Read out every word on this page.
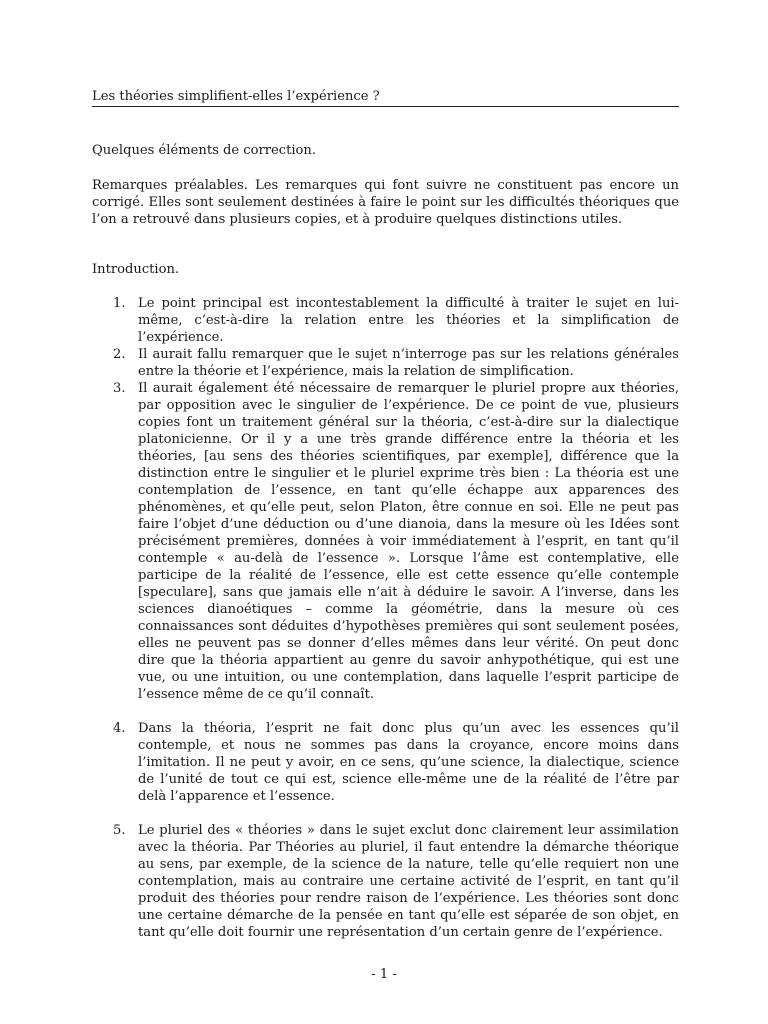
Les théories simplifient-elles l’expérience ?

Quelques éléments de correction.

Remarques préalables. Les remarques qui font suivre ne constituent pas encore un corrigé. Elles sont seulement destinées à faire le point sur les difficultés théoriques que l’on a retrouvé dans plusieurs copies, et à produire quelques distinctions utiles.

Introduction.

1. Le point principal est incontestablement la difficulté à traiter le sujet en lui-même, c’est-à-dire la relation entre les théories et la simplification de l’expérience.
2. Il aurait fallu remarquer que le sujet n’interroge pas sur les relations générales entre la théorie et l’expérience, mais la relation de simplification.
3. Il aurait également été nécessaire de remarquer le pluriel propre aux théories, par opposition avec le singulier de l’expérience. De ce point de vue, plusieurs copies font un traitement général sur la théoria, c’est-à-dire sur la dialectique platonicienne. Or il y a une très grande différence entre la théoria et les théories, [au sens des théories scientifiques, par exemple], différence que la distinction entre le singulier et le pluriel exprime très bien : La théoria est une contemplation de l’essence, en tant qu’elle échappe aux apparences des phénomènes, et qu’elle peut, selon Platon, être connue en soi. Elle ne peut pas faire l’objet d’une déduction ou d’une dianoia, dans la mesure où les Idées sont précisément premières, données à voir immédiatement à l’esprit, en tant qu’il contemple « au-delà de l’essence ». Lorsque l’âme est contemplative, elle participe de la réalité de l’essence, elle est cette essence qu’elle contemple [speculare], sans que jamais elle n’ait à déduire le savoir. A l’inverse, dans les sciences dianoétiques – comme la géométrie, dans la mesure où ces connaissances sont déduites d’hypothèses premières qui sont seulement posées, elles ne peuvent pas se donner d’elles mêmes dans leur vérité. On peut donc dire que la théoria appartient au genre du savoir anhypothétique, qui est une vue, ou une intuition, ou une contemplation, dans laquelle l’esprit participe de l’essence même de ce qu’il connaît.
4. Dans la théoria, l’esprit ne fait donc plus qu’un avec les essences qu’il contemple, et nous ne sommes pas dans la croyance, encore moins dans l’imitation. Il ne peut y avoir, en ce sens, qu’une science, la dialectique, science de l’unité de tout ce qui est, science elle-même une de la réalité de l’être par delà l’apparence et l’essence.
5. Le pluriel des « théories » dans le sujet exclut donc clairement leur assimilation avec la théoria. Par Théories au pluriel, il faut entendre la démarche théorique au sens, par exemple, de la science de la nature, telle qu’elle requiert non une contemplation, mais au contraire une certaine activité de l’esprit, en tant qu’il produit des théories pour rendre raison de l’expérience. Les théories sont donc une certaine démarche de la pensée en tant qu’elle est séparée de son objet, en tant qu’elle doit fournir une représentation d’un certain genre de l’expérience.
- 1 -
